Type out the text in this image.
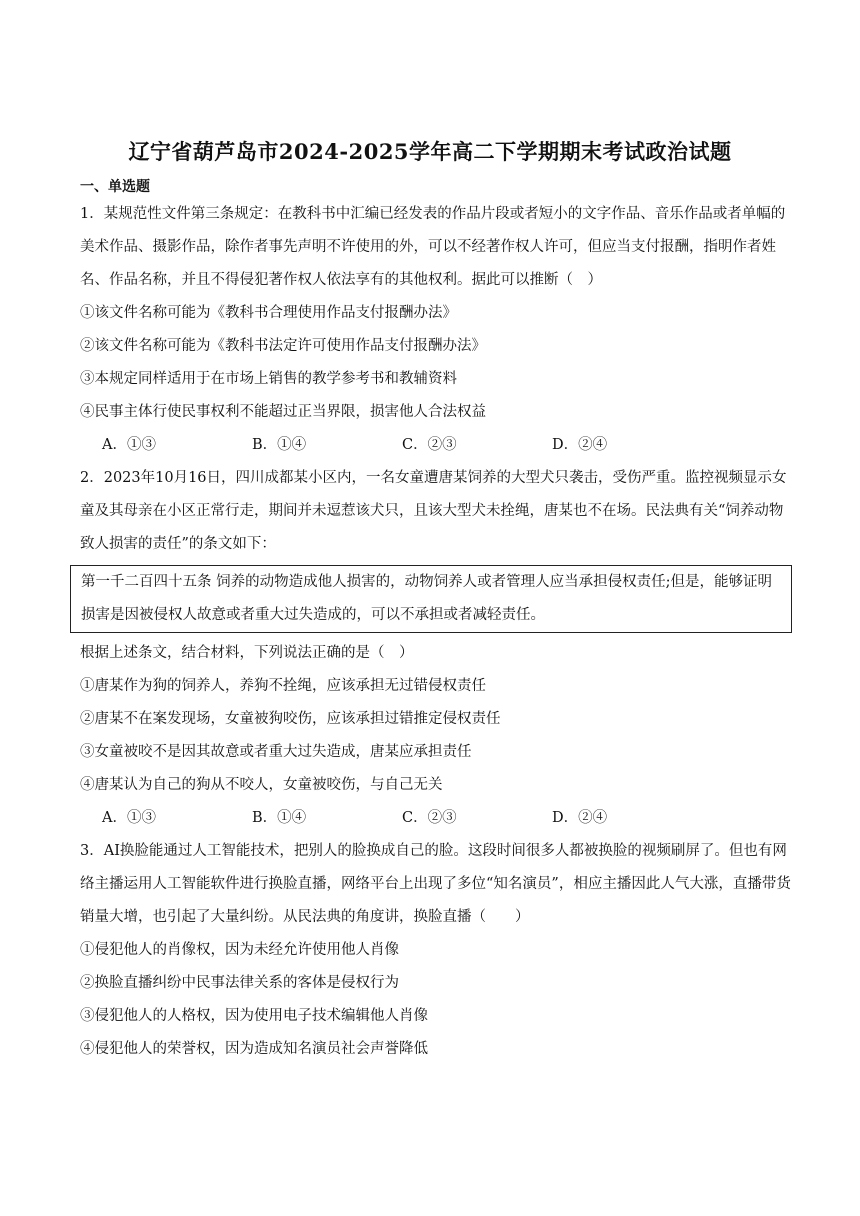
辽宁省葫芦岛市2024-2025学年高二下学期期末考试政治试题
一、单选题

1．某规范性文件第三条规定：在教科书中汇编已经发表的作品片段或者短小的文字作品、音乐作品或者单幅的美术作品、摄影作品，除作者事先声明不许使用的外，可以不经著作权人许可，但应当支付报酬，指明作者姓名、作品名称，并且不得侵犯著作权人依法享有的其他权利。据此可以推断（　）

①该文件名称可能为《教科书合理使用作品支付报酬办法》

②该文件名称可能为《教科书法定许可使用作品支付报酬办法》

③本规定同样适用于在市场上销售的教学参考书和教辅资料

④民事主体行使民事权利不能超过正当界限，损害他人合法权益

A．①③	B．①④	C．②③	D．②④

2．2023年10月16日，四川成都某小区内，一名女童遭唐某饲养的大型犬只袭击，受伤严重。监控视频显示女童及其母亲在小区正常行走，期间并未逗惹该犬只，且该大型犬未拴绳，唐某也不在场。民法典有关“饲养动物致人损害的责任”的条文如下：

第一千二百四十五条 饲养的动物造成他人损害的，动物饲养人或者管理人应当承担侵权责任;但是，能够证明损害是因被侵权人故意或者重大过失造成的，可以不承担或者减轻责任。

根据上述条文，结合材料，下列说法正确的是（　）

①唐某作为狗的饲养人，养狗不拴绳，应该承担无过错侵权责任

②唐某不在案发现场，女童被狗咬伤，应该承担过错推定侵权责任

③女童被咬不是因其故意或者重大过失造成，唐某应承担责任

④唐某认为自己的狗从不咬人，女童被咬伤，与自己无关

A．①③	B．①④	C．②③	D．②④

3．AI换脸能通过人工智能技术，把别人的脸换成自己的脸。这段时间很多人都被换脸的视频刷屏了。但也有网络主播运用人工智能软件进行换脸直播，网络平台上出现了多位“知名演员”，相应主播因此人气大涨，直播带货销量大增，也引起了大量纠纷。从民法典的角度讲，换脸直播（　　）

①侵犯他人的肖像权，因为未经允许使用他人肖像

②换脸直播纠纷中民事法律关系的客体是侵权行为

③侵犯他人的人格权，因为使用电子技术编辑他人肖像

④侵犯他人的荣誉权，因为造成知名演员社会声誉降低
